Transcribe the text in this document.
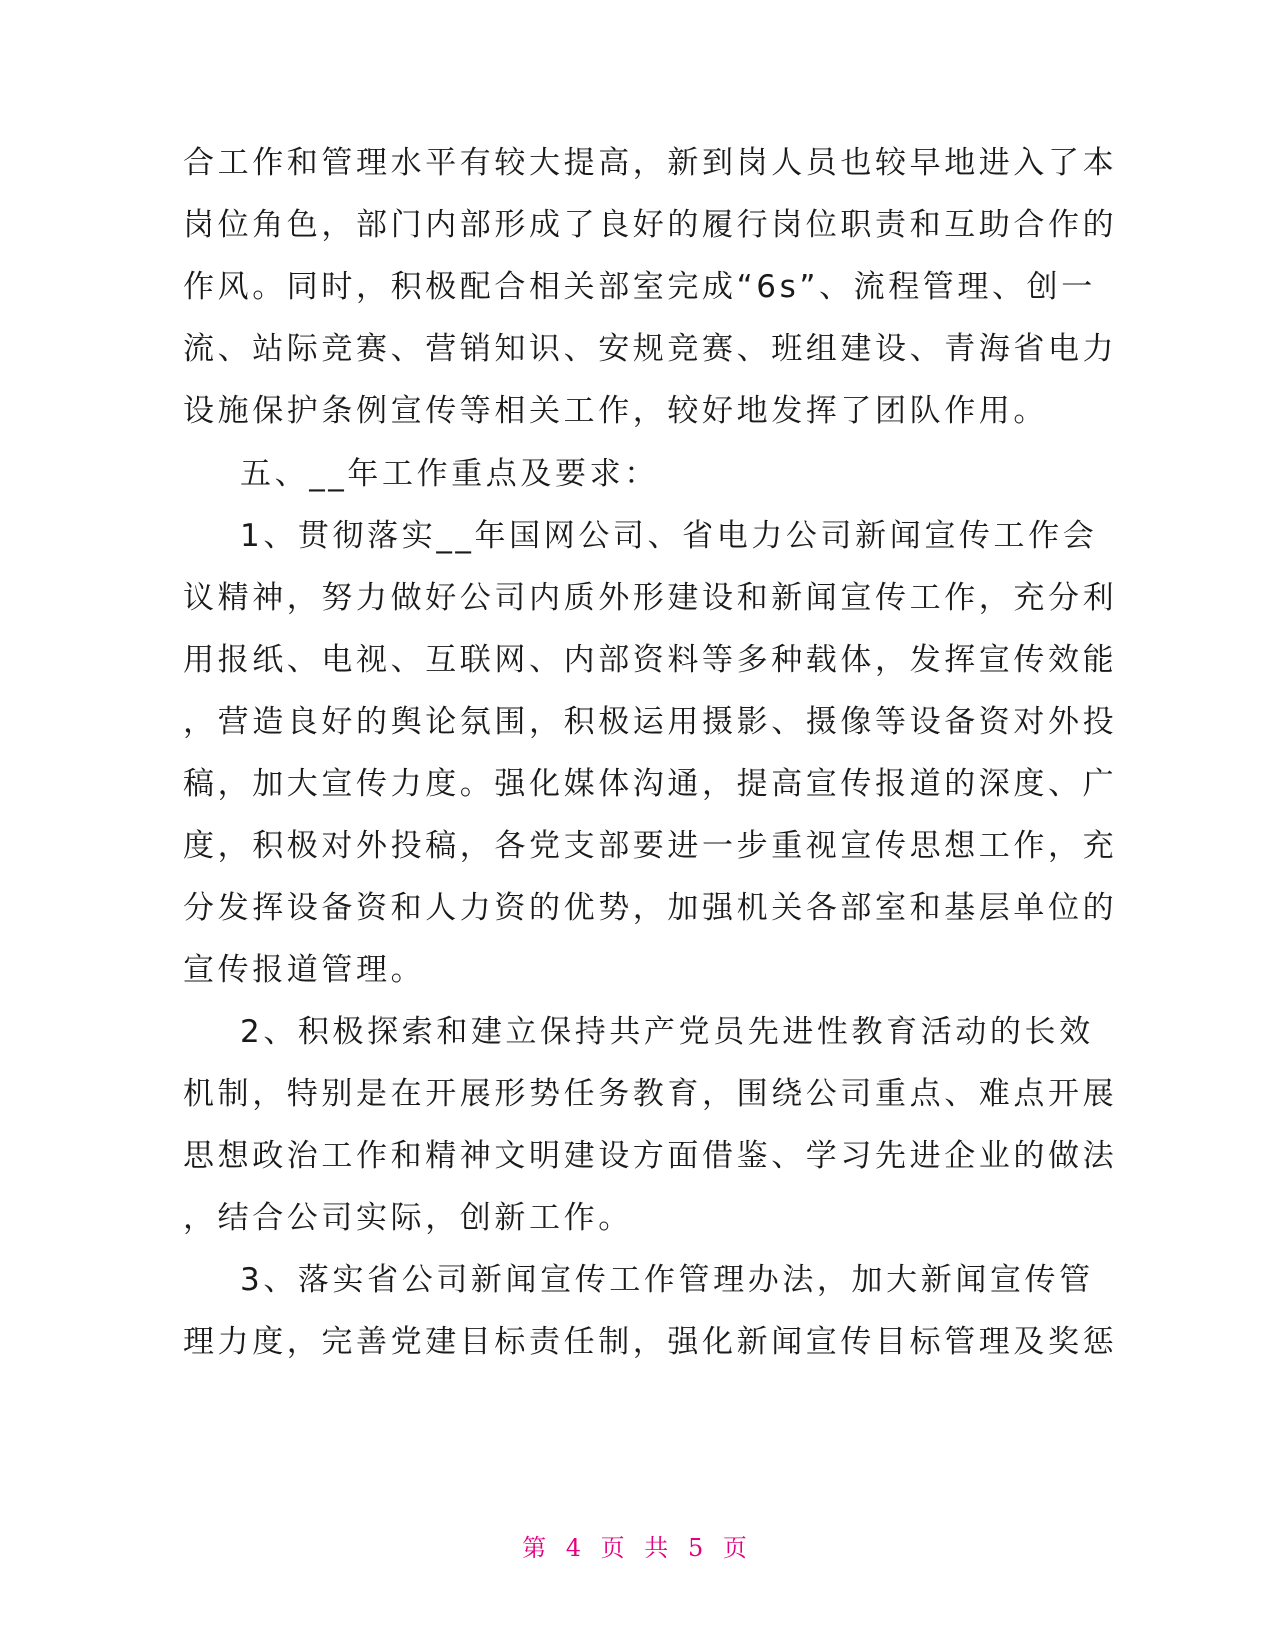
合工作和管理水平有较大提高，新到岗人员也较早地进入了本
岗位角色，部门内部形成了良好的履行岗位职责和互助合作的
作风。同时，积极配合相关部室完成“6s”、流程管理、创一
流、站际竞赛、营销知识、安规竞赛、班组建设、青海省电力
设施保护条例宣传等相关工作，较好地发挥了团队作用。
五、__年工作重点及要求：
1、贯彻落实__年国网公司、省电力公司新闻宣传工作会
议精神，努力做好公司内质外形建设和新闻宣传工作，充分利
用报纸、电视、互联网、内部资料等多种载体，发挥宣传效能
，营造良好的舆论氛围，积极运用摄影、摄像等设备资对外投
稿，加大宣传力度。强化媒体沟通，提高宣传报道的深度、广
度，积极对外投稿，各党支部要进一步重视宣传思想工作，充
分发挥设备资和人力资的优势，加强机关各部室和基层单位的
宣传报道管理。
2、积极探索和建立保持共产党员先进性教育活动的长效
机制，特别是在开展形势任务教育，围绕公司重点、难点开展
思想政治工作和精神文明建设方面借鉴、学习先进企业的做法
，结合公司实际，创新工作。
3、落实省公司新闻宣传工作管理办法，加大新闻宣传管
理力度，完善党建目标责任制，强化新闻宣传目标管理及奖惩
第 4 页 共 5 页
